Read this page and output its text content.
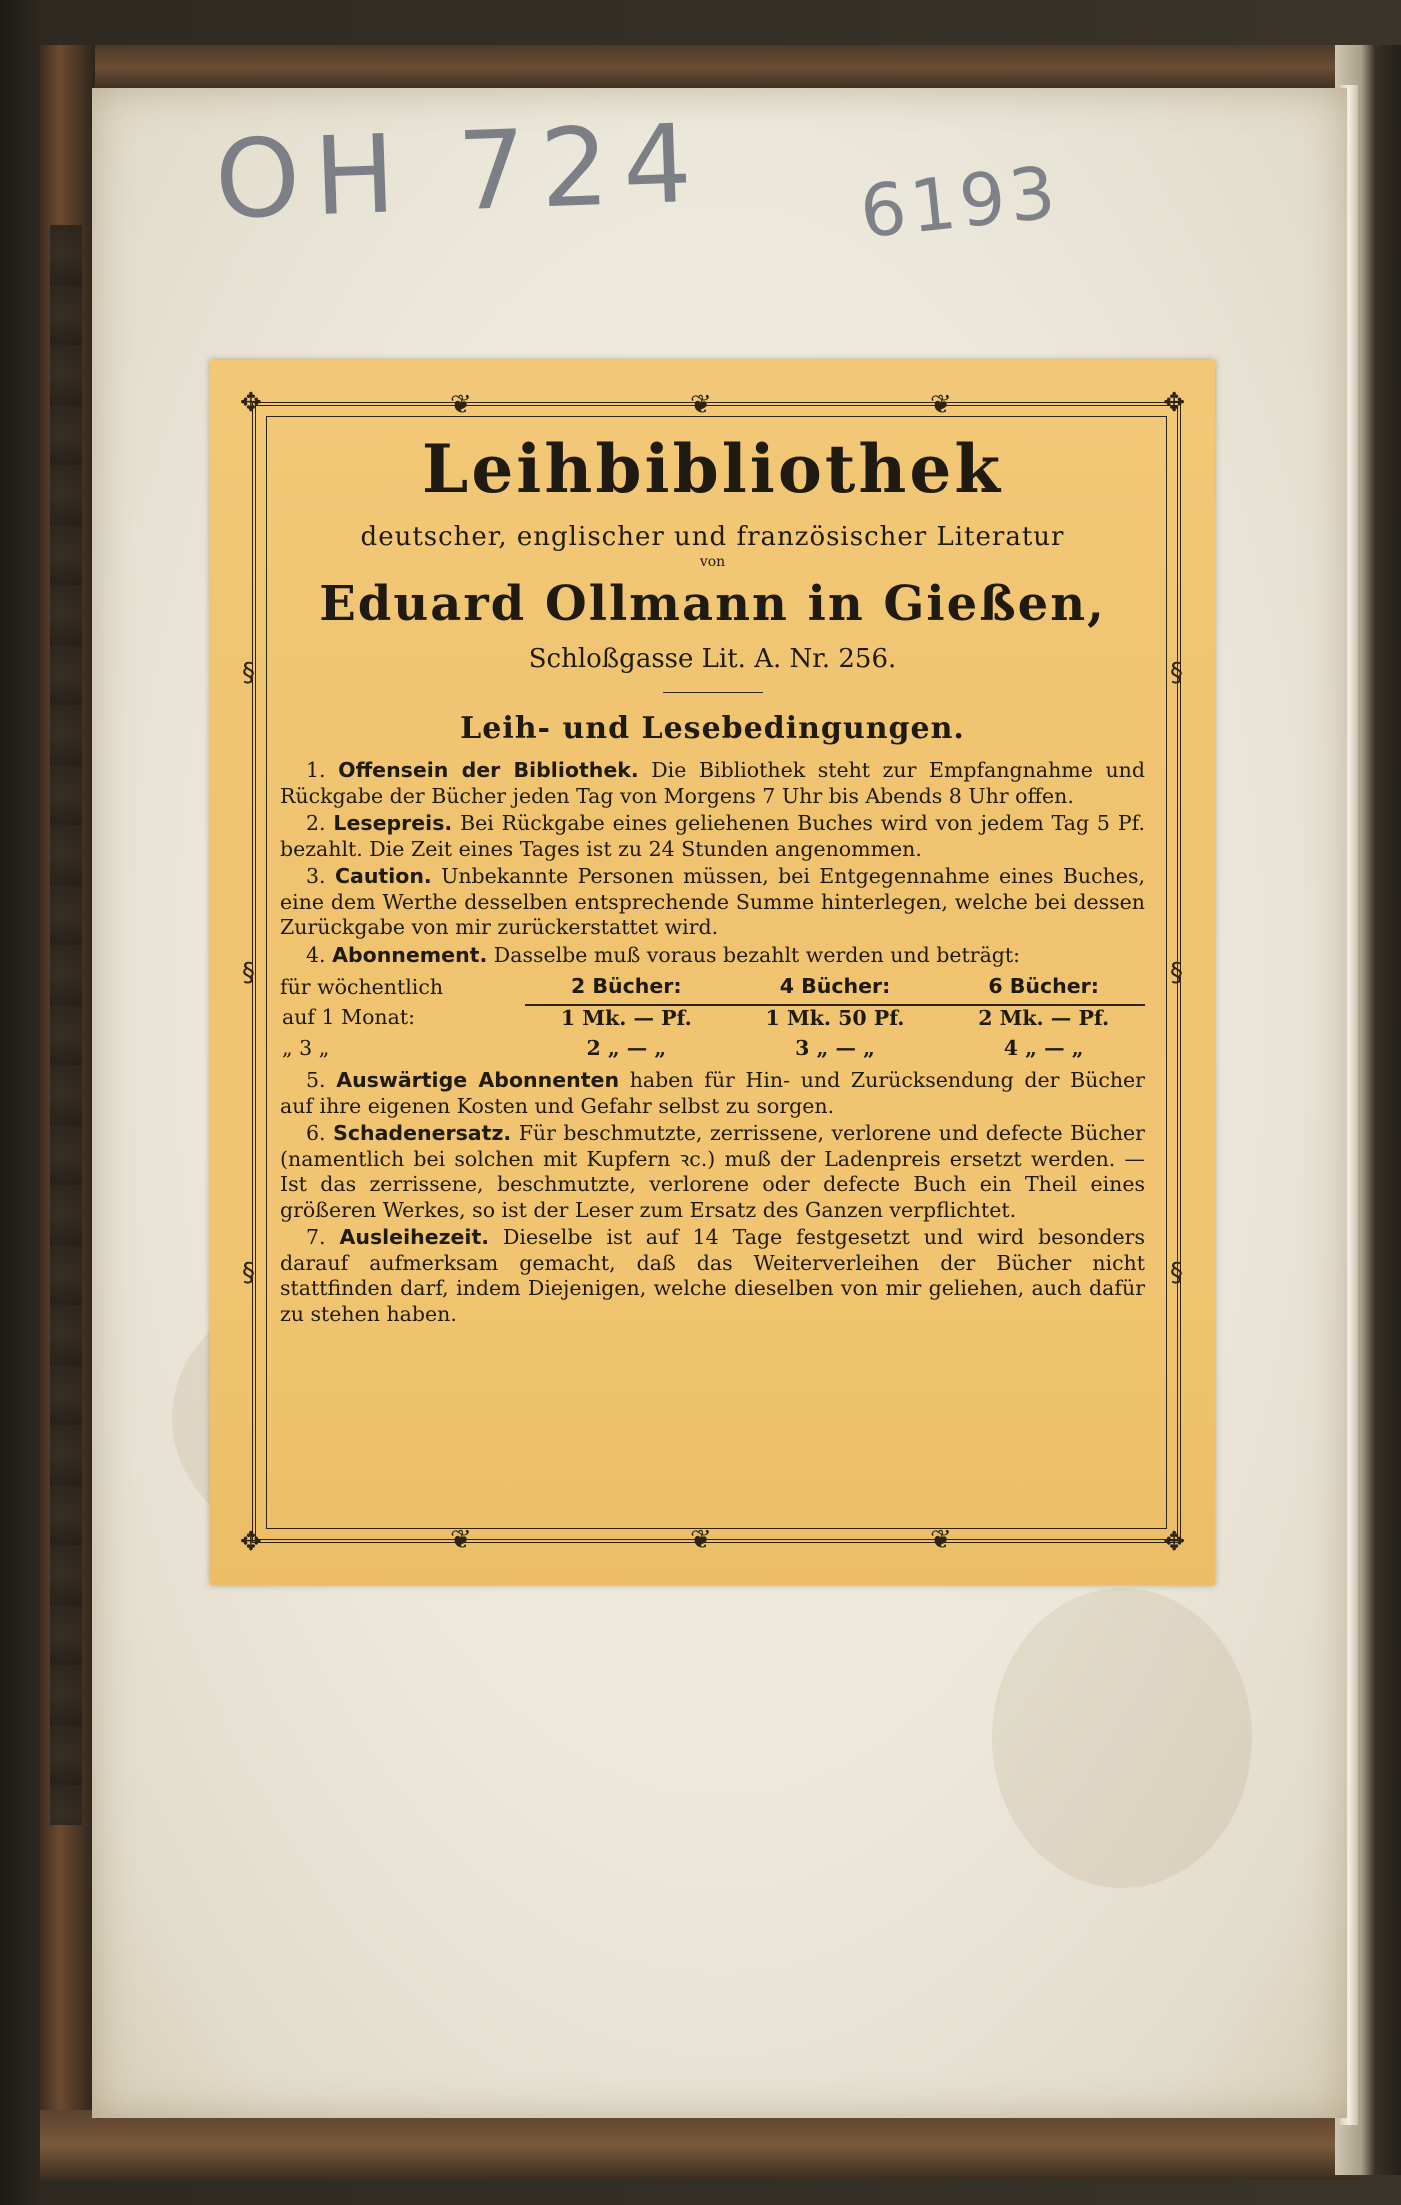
OH 724 6193
✥	✥
✥	✥
❦	❦	❦
❦	❦	❦
§
§
§
§
§
§
Leihbibliothek
deutscher, englischer und französischer Literatur
von
Eduard Ollmann in Gießen,
Schloßgasse Lit. A. Nr. 256.
Leih- und Lesebedingungen.

1. Offensein der Bibliothek. Die Bibliothek steht zur Empfangnahme und Rückgabe der Bücher jeden Tag von Morgens 7 Uhr bis Abends 8 Uhr offen.

2. Lesepreis. Bei Rückgabe eines geliehenen Buches wird von jedem Tag 5 Pf. bezahlt. Die Zeit eines Tages ist zu 24 Stunden angenommen.

3. Caution. Unbekannte Personen müssen, bei Entgegennahme eines Buches, eine dem Werthe desselben entsprechende Summe hinterlegen, welche bei dessen Zurückgabe von mir zurückerstattet wird.

4. Abonnement. Dasselbe muß voraus bezahlt werden und beträgt:

für wöchentlich	2 Bücher:	4 Bücher:	6 Bücher:
auf 1 Monat:	1 Mk. — Pf.	1 Mk. 50 Pf.	2 Mk. — Pf.
„ 3 „	2 „ — „	3 „ — „	4 „ — „

5. Auswärtige Abonnenten haben für Hin- und Zurücksendung der Bücher auf ihre eigenen Kosten und Gefahr selbst zu sorgen.

6. Schadenersatz. Für beschmutzte, zerrissene, verlorene und defecte Bücher (namentlich bei solchen mit Kupfern ꝛc.) muß der Ladenpreis ersetzt werden. — Ist das zerrissene, beschmutzte, verlorene oder defecte Buch ein Theil eines größeren Werkes, so ist der Leser zum Ersatz des Ganzen verpflichtet.

7. Ausleihezeit. Dieselbe ist auf 14 Tage festgesetzt und wird besonders darauf aufmerksam gemacht, daß das Weiterverleihen der Bücher nicht stattfinden darf, indem Diejenigen, welche dieselben von mir geliehen, auch dafür zu stehen haben.
